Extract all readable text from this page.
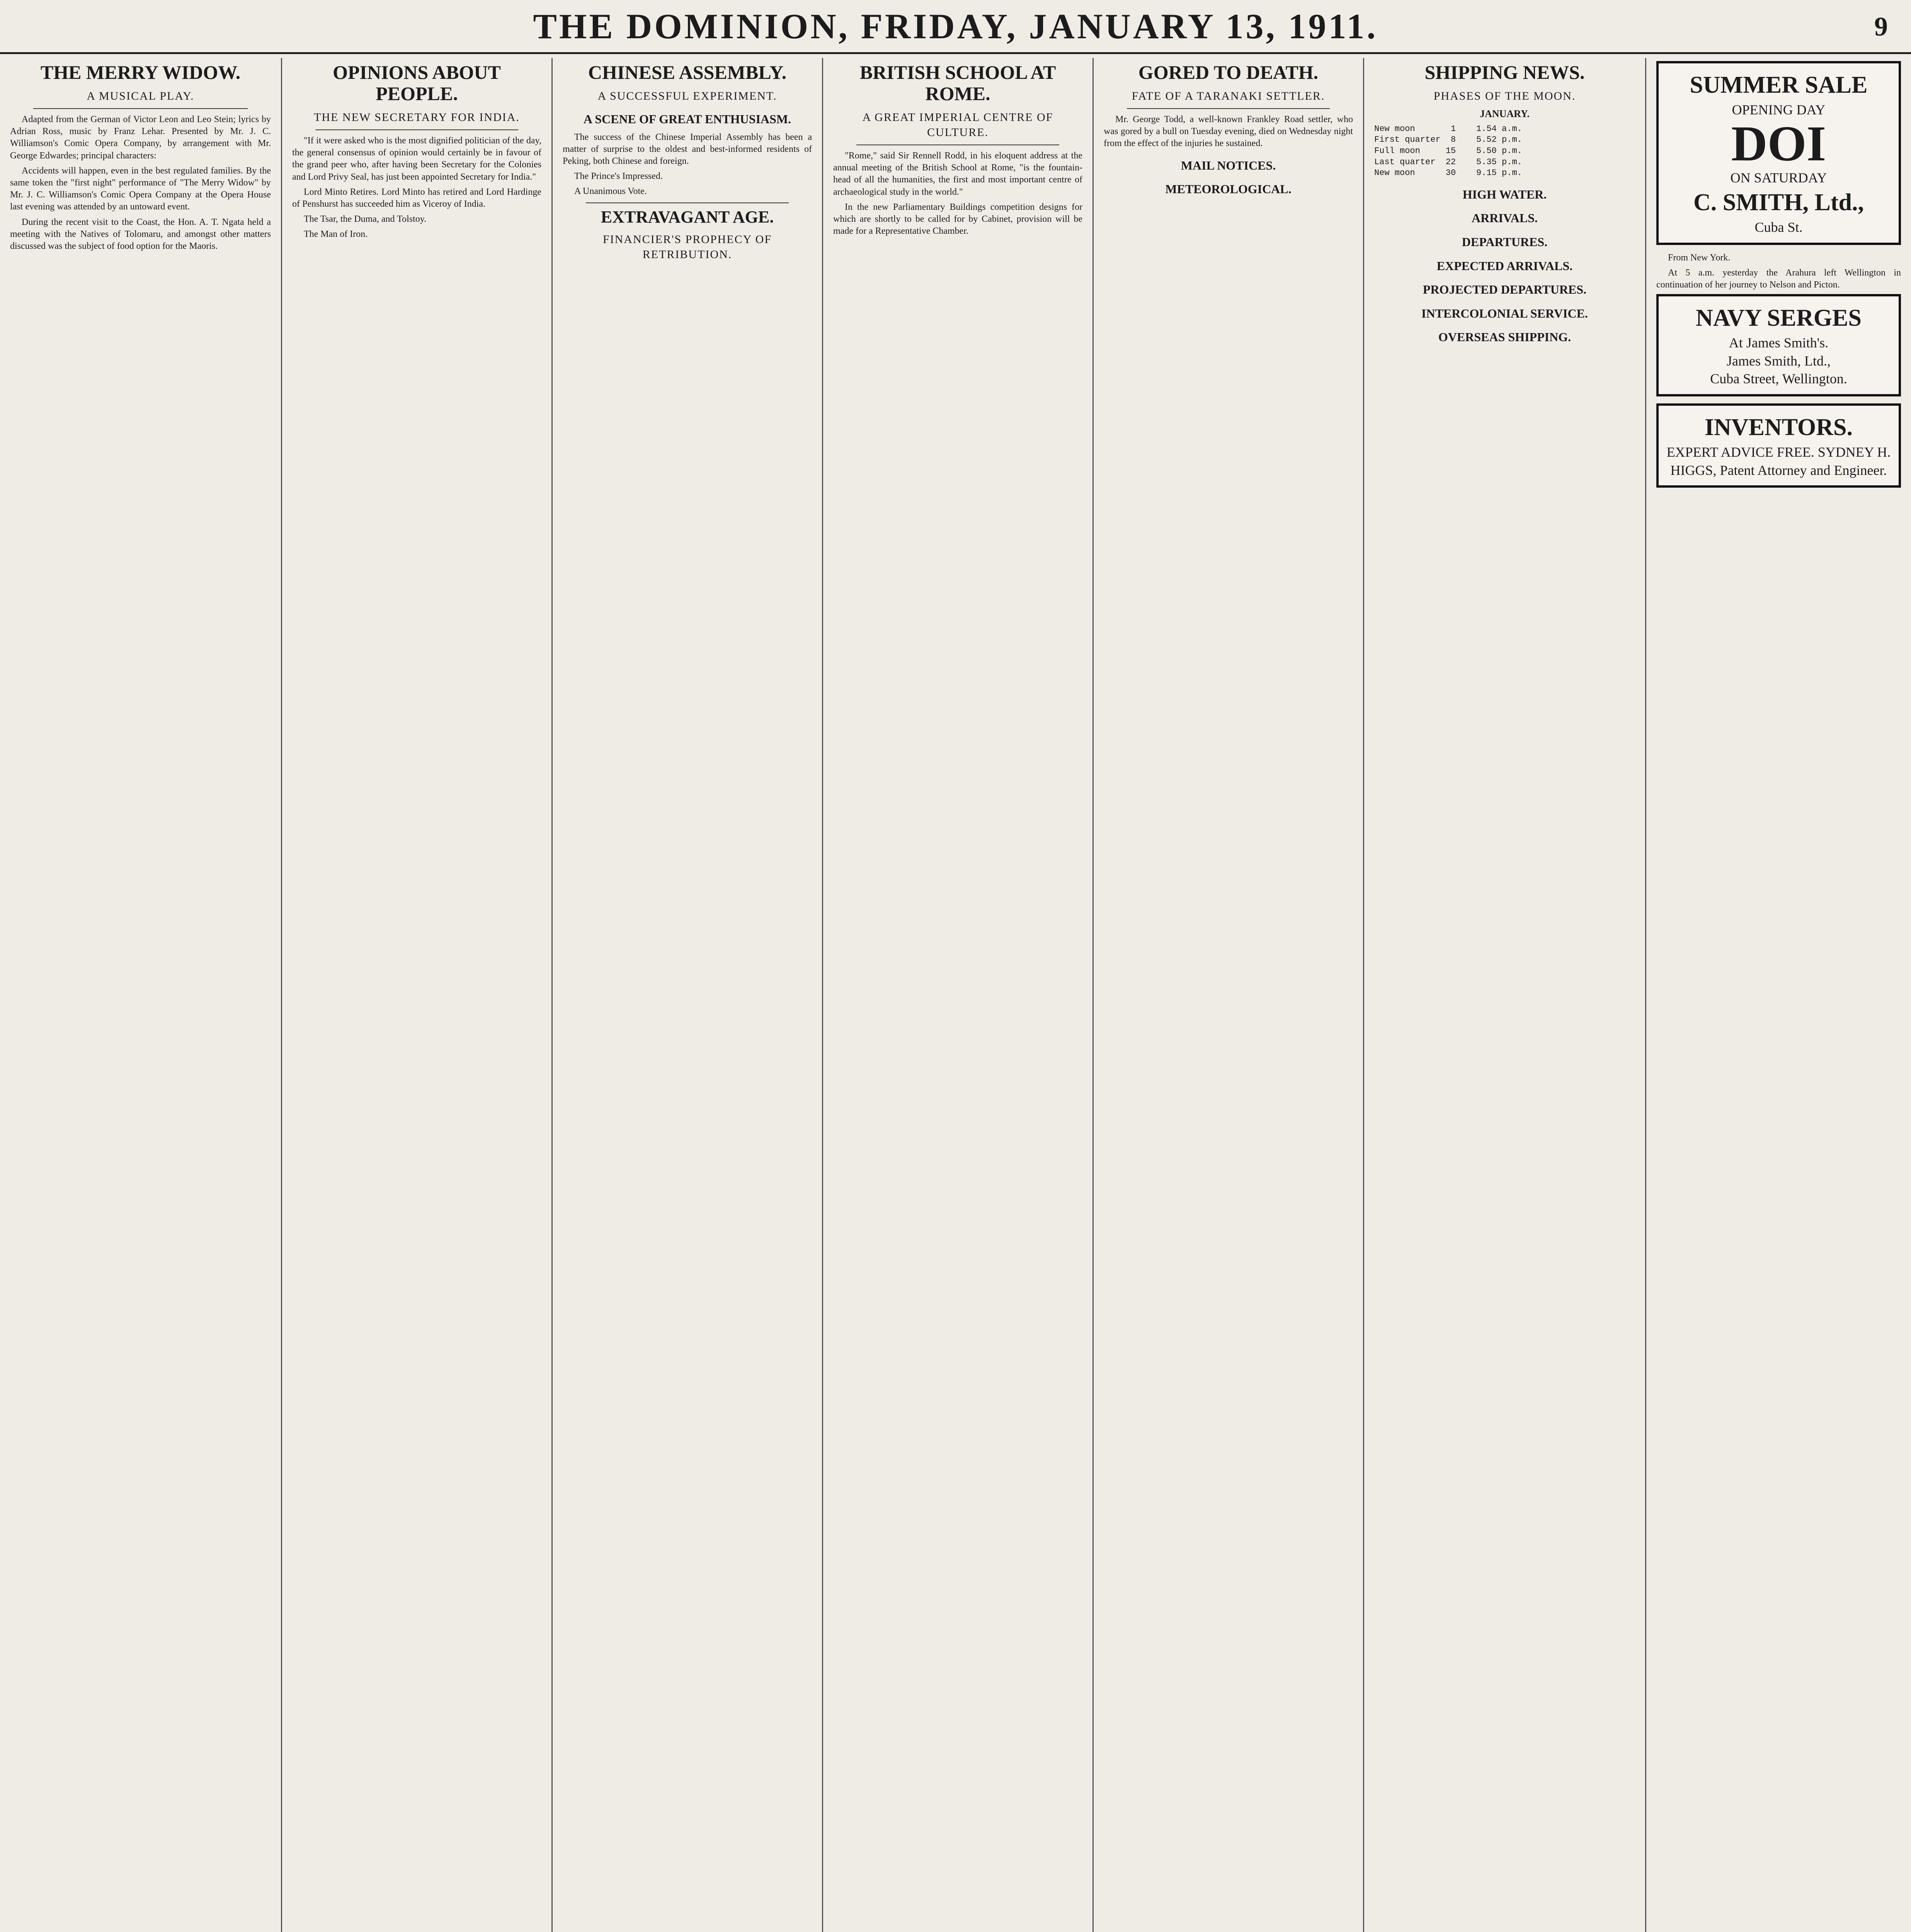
THE DOMINION, FRIDAY, JANUARY 13, 1911.	9
THE MERRY WIDOW.
A MUSICAL PLAY.

Adapted from the German of Victor Leon and Leo Stein; lyrics by Adrian Ross, music by Franz Lehar. Presented by Mr. J. C. Williamson's Comic Opera Company, by arrangement with Mr. George Edwardes; principal characters:

Accidents will happen, even in the best regulated families. By the same token the "first night" performance of "The Merry Widow" by Mr. J. C. Williamson's Comic Opera Company at the Opera House last evening was attended by an untoward event.

During the recent visit to the Coast, the Hon. A. T. Ngata held a meeting with the Natives of Tolomaru, and amongst other matters discussed was the subject of food option for the Maoris.

OPINIONS ABOUT PEOPLE.
THE NEW SECRETARY FOR INDIA.

"If it were asked who is the most dignified politician of the day, the general consensus of opinion would certainly be in favour of the grand peer who, after having been Secretary for the Colonies and Lord Privy Seal, has just been appointed Secretary for India."

Lord Minto Retires. Lord Minto has retired and Lord Hardinge of Penshurst has succeeded him as Viceroy of India.

The Tsar, the Duma, and Tolstoy.

The Man of Iron.

CHINESE ASSEMBLY.
A SUCCESSFUL EXPERIMENT.
A SCENE OF GREAT ENTHUSIASM.

The success of the Chinese Imperial Assembly has been a matter of surprise to the oldest and best-informed residents of Peking, both Chinese and foreign.

The Prince's Impressed.

A Unanimous Vote.

EXTRAVAGANT AGE.
FINANCIER'S PROPHECY OF RETRIBUTION.
BRITISH SCHOOL AT ROME.
A GREAT IMPERIAL CENTRE OF CULTURE.

"Rome," said Sir Rennell Rodd, in his eloquent address at the annual meeting of the British School at Rome, "is the fountain-head of all the humanities, the first and most important centre of archaeological study in the world."

In the new Parliamentary Buildings competition designs for which are shortly to be called for by Cabinet, provision will be made for a Representative Chamber.

GORED TO DEATH.
FATE OF A TARANAKI SETTLER.

Mr. George Todd, a well-known Frankley Road settler, who was gored by a bull on Tuesday evening, died on Wednesday night from the effect of the injuries he sustained.

MAIL NOTICES.
METEOROLOGICAL.
SHIPPING NEWS.
PHASES OF THE MOON.
JANUARY.
New moon       1    1.54 a.m.
First quarter  8    5.52 p.m.
Full moon     15    5.50 p.m.
Last quarter  22    5.35 p.m.
New moon      30    9.15 p.m.
HIGH WATER.
ARRIVALS.
DEPARTURES.
EXPECTED ARRIVALS.
PROJECTED DEPARTURES.
INTERCOLONIAL SERVICE.
OVERSEAS SHIPPING.
SUMMER SALE
OPENING DAY
DOI
ON SATURDAY
C. SMITH, Ltd.,
Cuba St.

From New York.

At 5 a.m. yesterday the Arahura left Wellington in continuation of her journey to Nelson and Picton.

NAVY SERGES
At James Smith's.
James Smith, Ltd.,
Cuba Street, Wellington.
INVENTORS.
EXPERT ADVICE FREE. SYDNEY H. HIGGS, Patent Attorney and Engineer.
